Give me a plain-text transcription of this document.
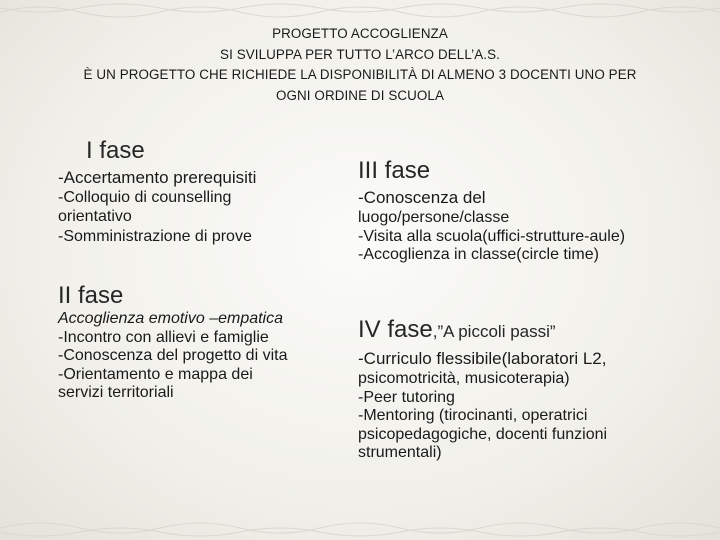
PROGETTO ACCOGLIENZA
SI SVILUPPA PER TUTTO L’ARCO DELL’A.S.
È UN PROGETTO CHE RICHIEDE LA DISPONIBILITÀ DI ALMENO 3 DOCENTI UNO PER
OGNI ORDINE DI SCUOLA
I fase
-Accertamento prerequisiti
-Colloquio di counselling
orientativo
-Somministrazione di prove
II fase
Accoglienza emotivo –empatica
-Incontro con allievi e famiglie
-Conoscenza del progetto di vita
-Orientamento e mappa dei
servizi territoriali
III fase
-Conoscenza del
luogo/persone/classe
-Visita alla scuola(uffici-strutture-aule)
-Accoglienza in classe(circle time)
IV fase,”A piccoli passi”
-Curriculo flessibile(laboratori L2,
psicomotricità, musicoterapia)
-Peer tutoring
-Mentoring (tirocinanti, operatrici
psicopedagogiche, docenti funzioni
strumentali)
